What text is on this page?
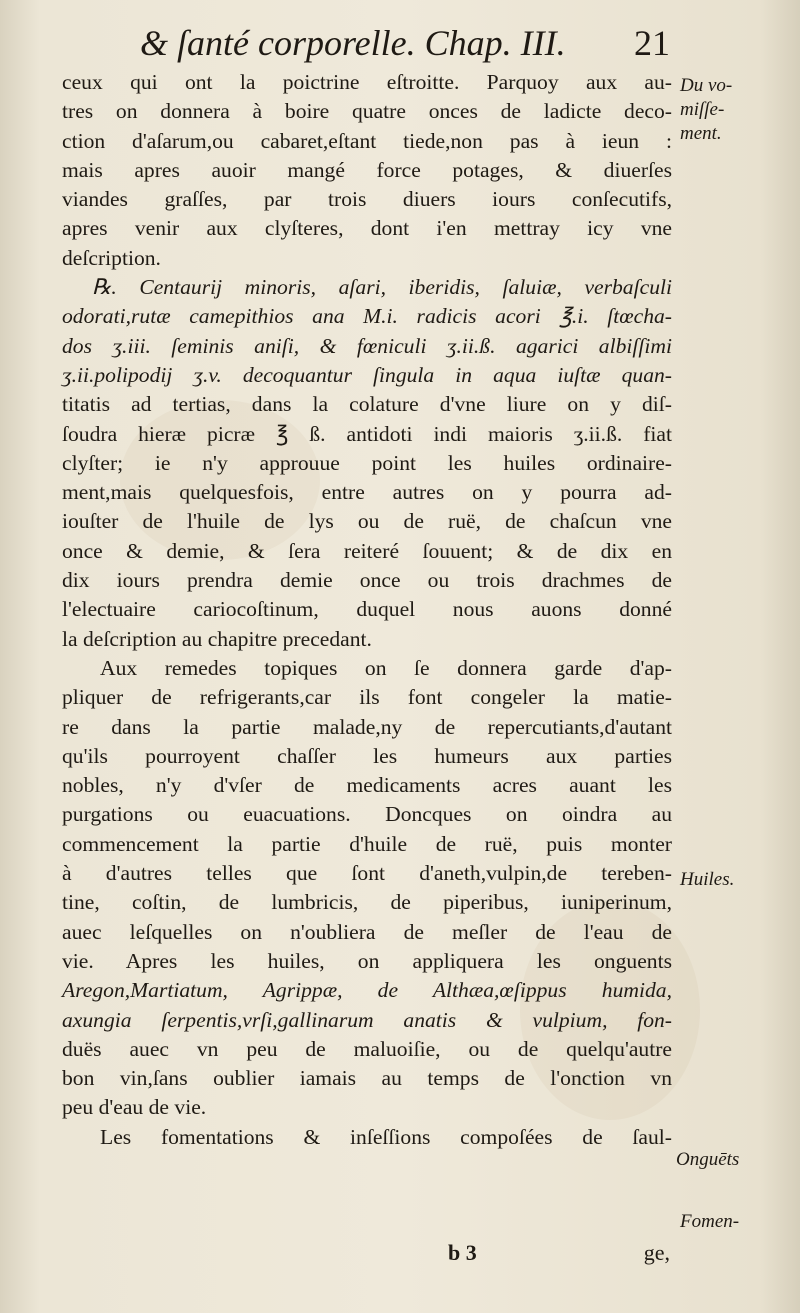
& ſanté corporelle. Chap. III. 21
ceux qui ont la poictrine eſtroitte. Parquoy aux au-
tres on donnera à boire quatre onces de ladicte deco-
ction d'aſarum,ou cabaret,eſtant tiede,non pas à ieun :
mais apres auoir mangé force potages, & diuerſes
viandes graſſes, par trois diuers iours conſecutifs,
apres venir aux clyſteres, dont i'en mettray icy vne
deſcription.
℞. Centaurij minoris, aſari, iberidis, ſaluiæ, verbaſculi
odorati,rutæ camepithios ana M.i. radicis acori ℥.i. ſtœcha-
dos ʒ.iii. ſeminis aniſi, & fœniculi ʒ.ii.ß. agarici albiſſimi
ʒ.ii.polipodij ʒ.v. decoquantur ſingula in aqua iuſtæ quan-
titatis ad tertias, dans la colature d'vne liure on y diſ-
ſoudra hieræ picræ ℥ ß. antidoti indi maioris ʒ.ii.ß. fiat
clyſter; ie n'y approuue point les huiles ordinaire-
ment,mais quelquesfois, entre autres on y pourra ad-
iouſter de l'huile de lys ou de ruë, de chaſcun vne
once & demie, & ſera reiteré ſouuent; & de dix en
dix iours prendra demie once ou trois drachmes de
l'electuaire cariocoſtinum, duquel nous auons donné
la deſcription au chapitre precedant.
Aux remedes topiques on ſe donnera garde d'ap-
pliquer de refrigerants,car ils font congeler la matie-
re dans la partie malade,ny de repercutiants,d'autant
qu'ils pourroyent chaſſer les humeurs aux parties
nobles, n'y d'vſer de medicaments acres auant les
purgations ou euacuations. Doncques on oindra au
commencement la partie d'huile de ruë, puis monter
à d'autres telles que ſont d'aneth,vulpin,de tereben-
tine, coſtin, de lumbricis, de piperibus, iuniperinum,
auec leſquelles on n'oubliera de meſler de l'eau de
vie. Apres les huiles, on appliquera les onguents
Aregon,Martiatum, Agrippæ, de Althæa,œſippus humida,
axungia ſerpentis,vrſi,gallinarum anatis & vulpium, fon-
duës auec vn peu de maluoiſie, ou de quelqu'autre
bon vin,ſans oublier iamais au temps de l'onction vn
peu d'eau de vie.
Les fomentations & inſeſſions compoſées de ſaul-
Du vo-
miſſe-
ment.
Huiles.
Onguēts
Fomen-
b 3	ge,
